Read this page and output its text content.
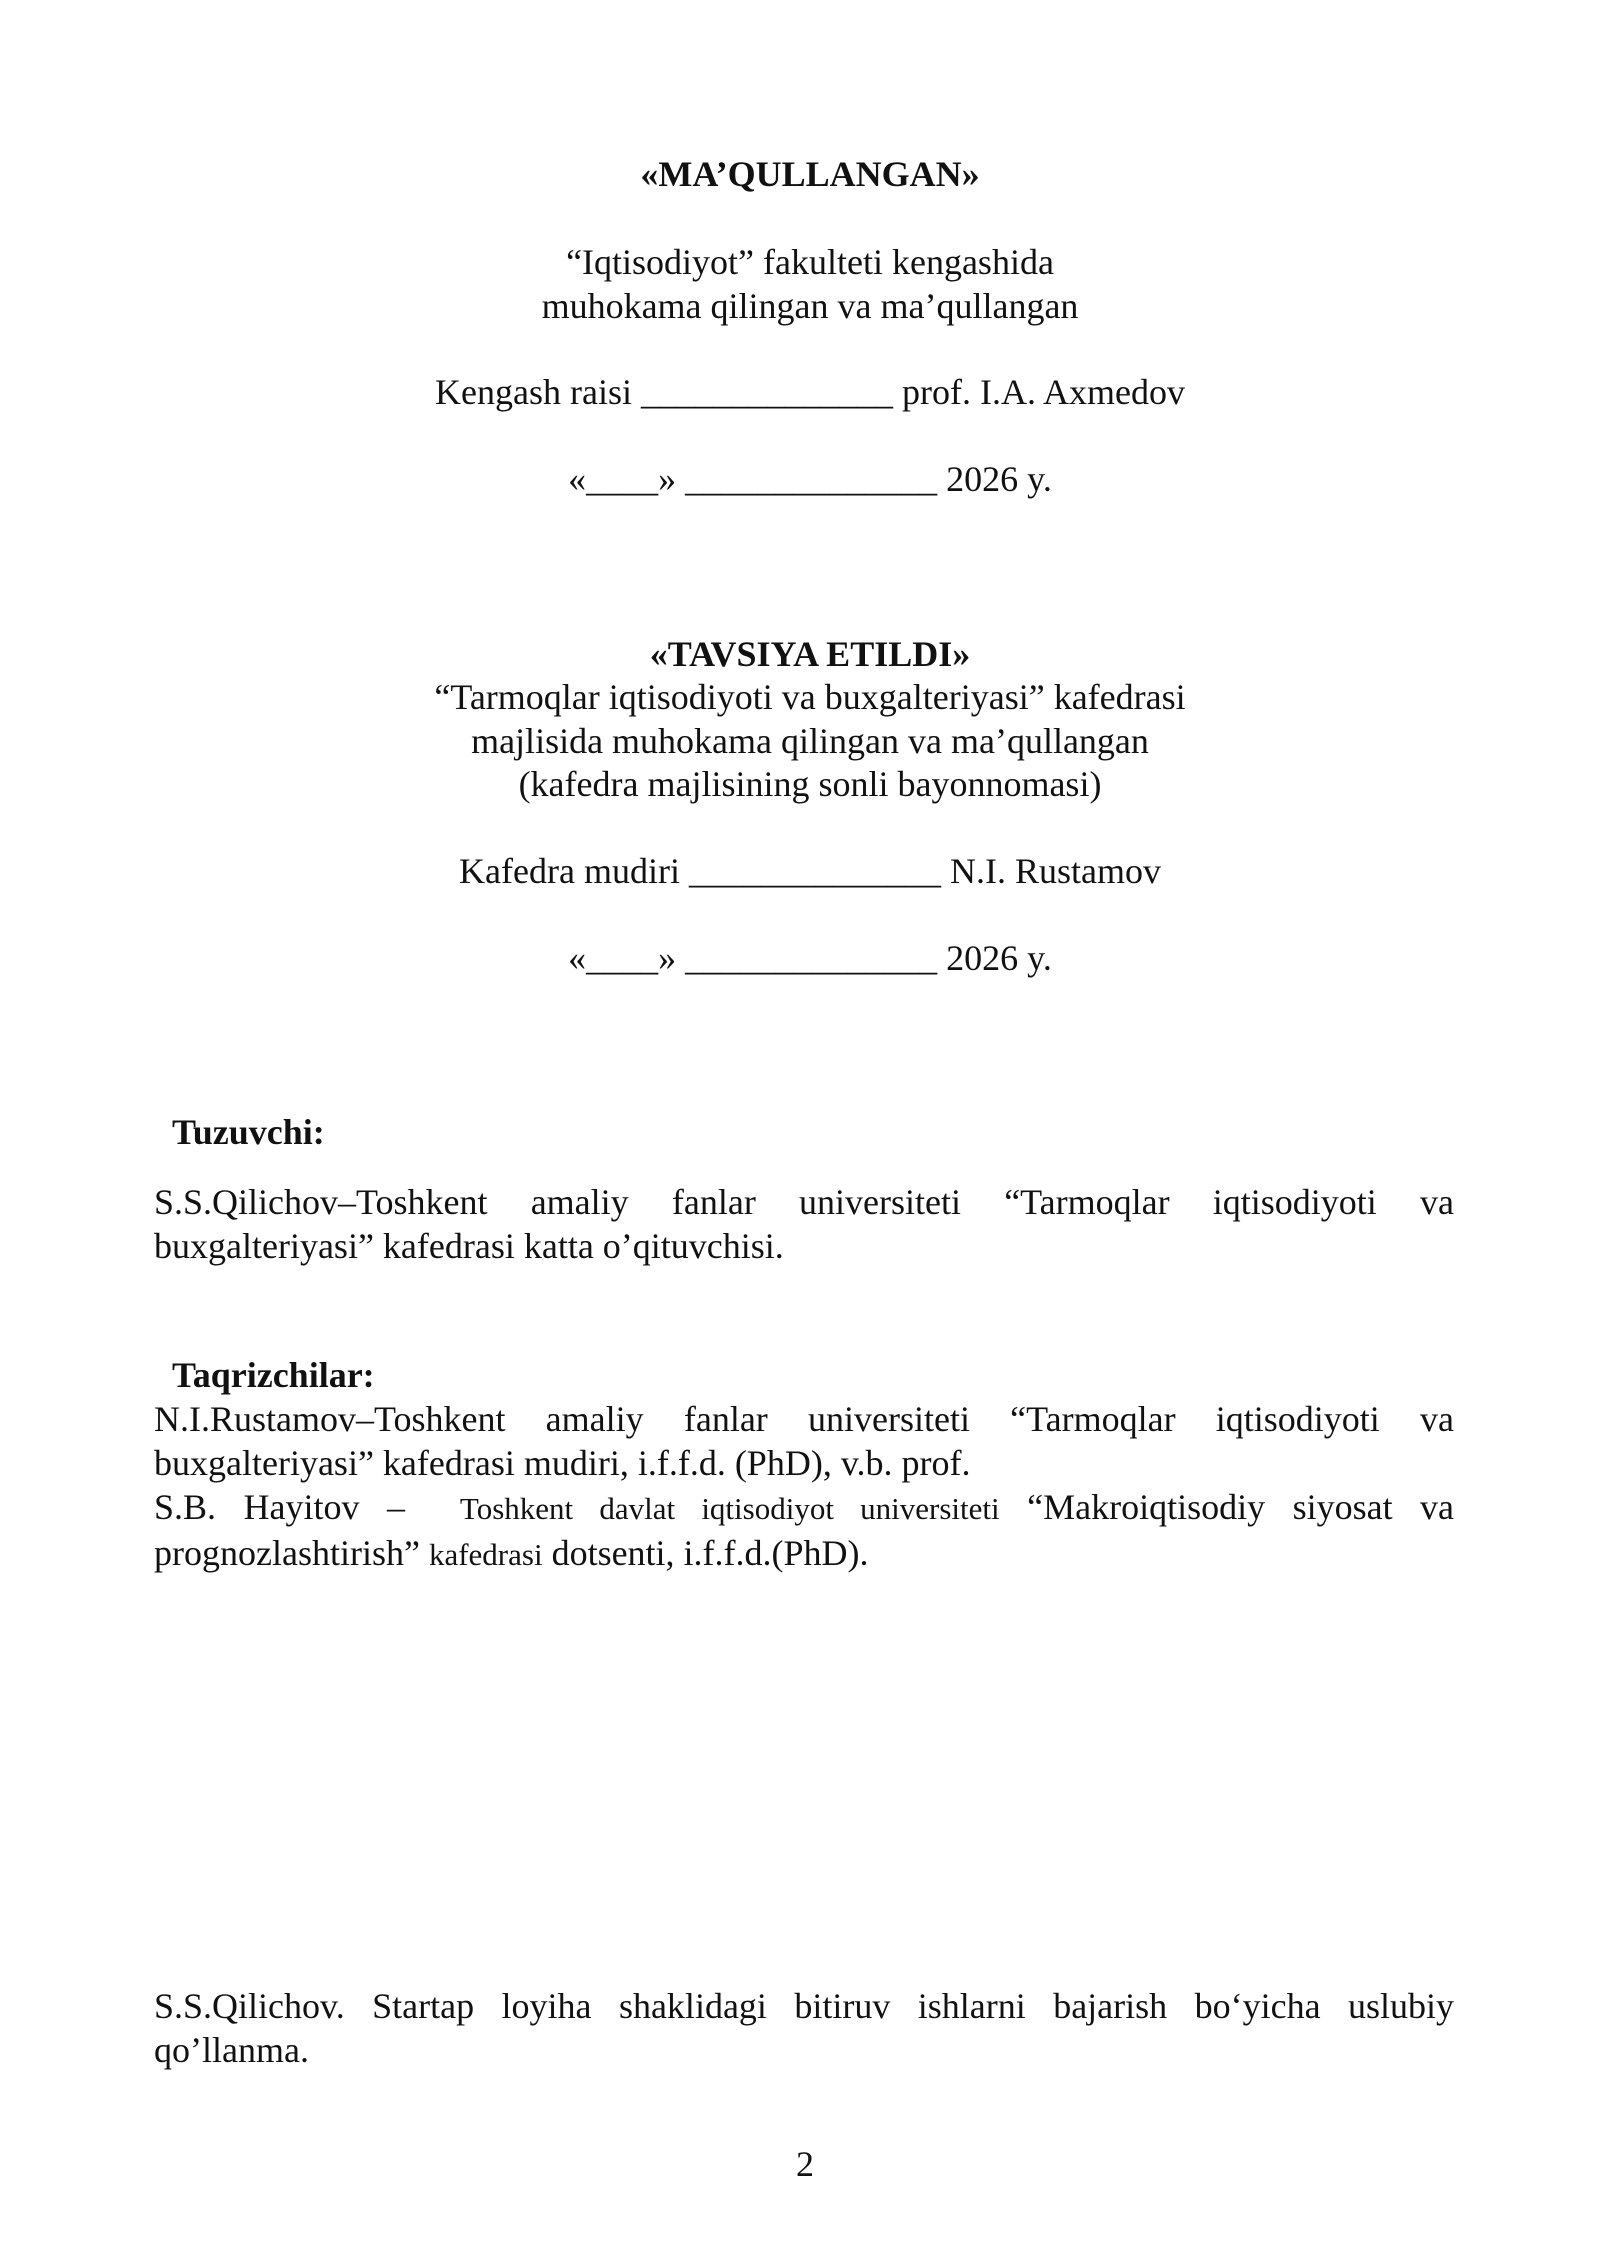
«MA’QULLANGAN»
“Iqtisodiyot” fakulteti kengashida
muhokama qilingan va ma’qullangan
Kengash raisi ______________ prof. I.A. Axmedov
«____» ______________ 2026 y.
«TAVSIYA ETILDI»
“Tarmoqlar iqtisodiyoti va buxgalteriyasi” kafedrasi
majlisida muhokama qilingan va ma’qullangan
(kafedra majlisining sonli bayonnomasi)
Kafedra mudiri ______________ N.I. Rustamov
«____» ______________ 2026 y.
Tuzuvchi:
S.S.Qilichov–Toshkent amaliy fanlar universiteti “Tarmoqlar iqtisodiyoti va
buxgalteriyasi” kafedrasi katta o’qituvchisi.
Taqrizchilar:
N.I.Rustamov–Toshkent amaliy fanlar universiteti “Tarmoqlar iqtisodiyoti va
buxgalteriyasi” kafedrasi mudiri, i.f.f.d. (PhD), v.b. prof.
S.B. Hayitov – Toshkent davlat iqtisodiyot universiteti “Makroiqtisodiy siyosat va
prognozlashtirish” kafedrasi dotsenti, i.f.f.d.(PhD).
S.S.Qilichov. Startap loyiha shaklidagi bitiruv ishlarni bajarish bo‘yicha uslubiy
qo’llanma.
2
